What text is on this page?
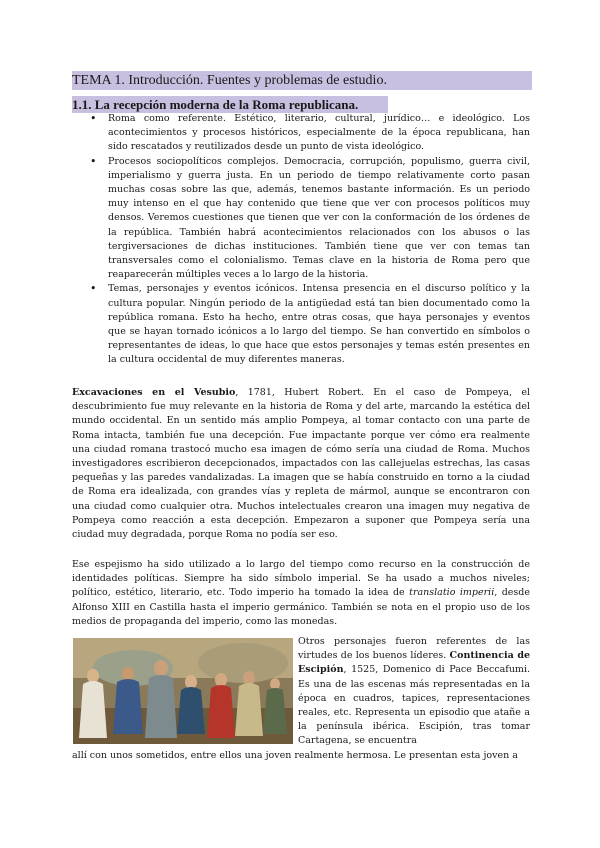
TEMA 1. Introducción. Fuentes y problemas de estudio.
1.1. La recepción moderna de la Roma republicana.
• Roma como referente. Estético, literario, cultural, jurídico… e ideológico. Los acontecimientos y procesos históricos, especialmente de la época republicana, han sido rescatados y reutilizados desde un punto de vista ideológico.
• Procesos sociopolíticos complejos. Democracia, corrupción, populismo, guerra civil, imperialismo y guerra justa. En un periodo de tiempo relativamente corto pasan muchas cosas sobre las que, además, tenemos bastante información. Es un periodo muy intenso en el que hay contenido que tiene que ver con procesos políticos muy densos. Veremos cuestiones que tienen que ver con la conformación de los órdenes de la república. También habrá acontecimientos relacionados con los abusos o las tergiversaciones de dichas instituciones. También tiene que ver con temas tan transversales como el colonialismo. Temas clave en la historia de Roma pero que reaparecerán múltiples veces a lo largo de la historia.
• Temas, personajes y eventos icónicos. Intensa presencia en el discurso político y la cultura popular. Ningún periodo de la antigüedad está tan bien documentado como la república romana. Esto ha hecho, entre otras cosas, que haya personajes y eventos que se hayan tornado icónicos a lo largo del tiempo. Se han convertido en símbolos o representantes de ideas, lo que hace que estos personajes y temas estén presentes en la cultura occidental de muy diferentes maneras.

Excavaciones en el Vesubio, 1781, Hubert Robert. En el caso de Pompeya, el descubrimiento fue muy relevante en la historia de Roma y del arte, marcando la estética del mundo occidental. En un sentido más amplio Pompeya, al tomar contacto con una parte de Roma intacta, también fue una decepción. Fue impactante porque ver cómo era realmente una ciudad romana trastocó mucho esa imagen de cómo sería una ciudad de Roma. Muchos investigadores escribieron decepcionados, impactados con las callejuelas estrechas, las casas pequeñas y las paredes vandalizadas. La imagen que se había construido en torno a la ciudad de Roma era idealizada, con grandes vías y repleta de mármol, aunque se encontraron con una ciudad como cualquier otra. Muchos intelectuales crearon una imagen muy negativa de Pompeya como reacción a esta decepción. Empezaron a suponer que Pompeya sería una ciudad muy degradada, porque Roma no podía ser eso.

Ese espejismo ha sido utilizado a lo largo del tiempo como recurso en la construcción de identidades políticas. Siempre ha sido símbolo imperial. Se ha usado a muchos niveles; político, estético, literario, etc. Todo imperio ha tomado la idea de translatio imperii, desde Alfonso XIII en Castilla hasta el imperio germánico. También se nota en el propio uso de los medios de propaganda del imperio, como las monedas.

Otros personajes fueron referentes de las virtudes de los buenos líderes. Continencia de Escipión, 1525, Domenico di Pace Beccafumi. Es una de las escenas más representadas en la época en cuadros, tapices, representaciones reales, etc. Representa un episodio que atañe a la península ibérica. Escipión, tras tomar Cartagena, se encuentra

allí con unos sometidos, entre ellos una joven realmente hermosa. Le presentan esta joven a
